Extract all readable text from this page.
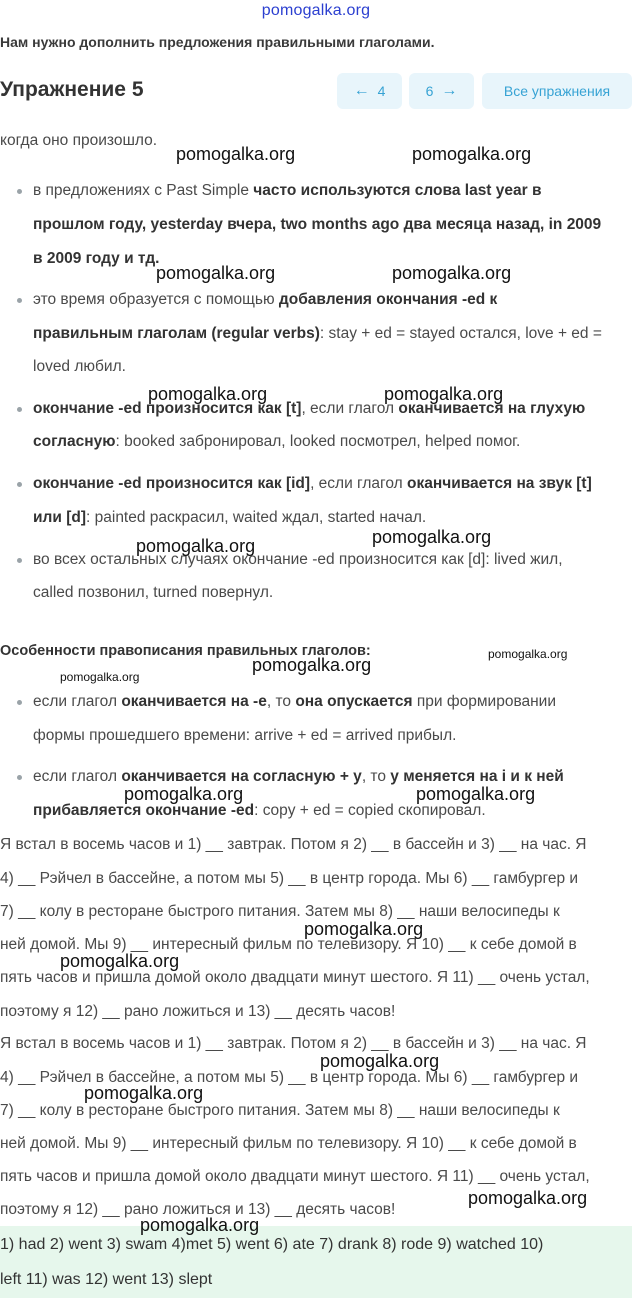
pomogalka.org
Нам нужно дополнить предложения правильными глаголами.
Упражнение 5	← 4	6 →	Все упражнения
когда оно произошло.
в предложениях с Past Simple часто используются слова last year в
прошлом году, yesterday вчера, two months ago два месяца назад, in 2009
в 2009 году и тд.
это время образуется с помощью добавления окончания -ed к
правильным глаголам (regular verbs): stay + ed = stayed остался, love + ed =
loved любил.
окончание -ed произносится как [t], если глагол оканчивается на глухую
согласную: booked забронировал, looked посмотрел, helped помог.
окончание -ed произносится как [id], если глагол оканчивается на звук [t]
или [d]: painted раскрасил, waited ждал, started начал.
во всех остальных случаях окончание -ed произносится как [d]: lived жил,
called позвонил, turned повернул.
Особенности правописания правильных глаголов:
если глагол оканчивается на -e, то она опускается при формировании
формы прошедшего времени: arrive + ed = arrived прибыл.
если глагол оканчивается на согласную + y, то y меняется на i и к ней
прибавляется окончание -ed: copy + ed = copied скопировал.
Я встал в восемь часов и 1) __ завтрак. Потом я 2) __ в бассейн и 3) __ на час. Я
4) __ Рэйчел в бассейне, а потом мы 5) __ в центр города. Мы 6) __ гамбургер и
7) __ колу в ресторане быстрого питания. Затем мы 8) __ наши велосипеды к
ней домой. Мы 9) __ интересный фильм по телевизору. Я 10) __ к себе домой в
пять часов и пришла домой около двадцати минут шестого. Я 11) __ очень устал,
поэтому я 12) __ рано ложиться и 13) __ десять часов!
Я встал в восемь часов и 1) __ завтрак. Потом я 2) __ в бассейн и 3) __ на час. Я
4) __ Рэйчел в бассейне, а потом мы 5) __ в центр города. Мы 6) __ гамбургер и
7) __ колу в ресторане быстрого питания. Затем мы 8) __ наши велосипеды к
ней домой. Мы 9) __ интересный фильм по телевизору. Я 10) __ к себе домой в
пять часов и пришла домой около двадцати минут шестого. Я 11) __ очень устал,
поэтому я 12) __ рано ложиться и 13) __ десять часов!
1) had 2) went 3) swam 4)met 5) went 6) ate 7) drank 8) rode 9) watched 10)
left 11) was 12) went 13) slept
pomogalka.org	pomogalka.org
pomogalka.org	pomogalka.org
pomogalka.org	pomogalka.org
pomogalka.org	pomogalka.org
pomogalka.org
pomogalka.org
pomogalka.org
pomogalka.org	pomogalka.org
pomogalka.org
pomogalka.org
pomogalka.org
pomogalka.org
pomogalka.org
pomogalka.org
